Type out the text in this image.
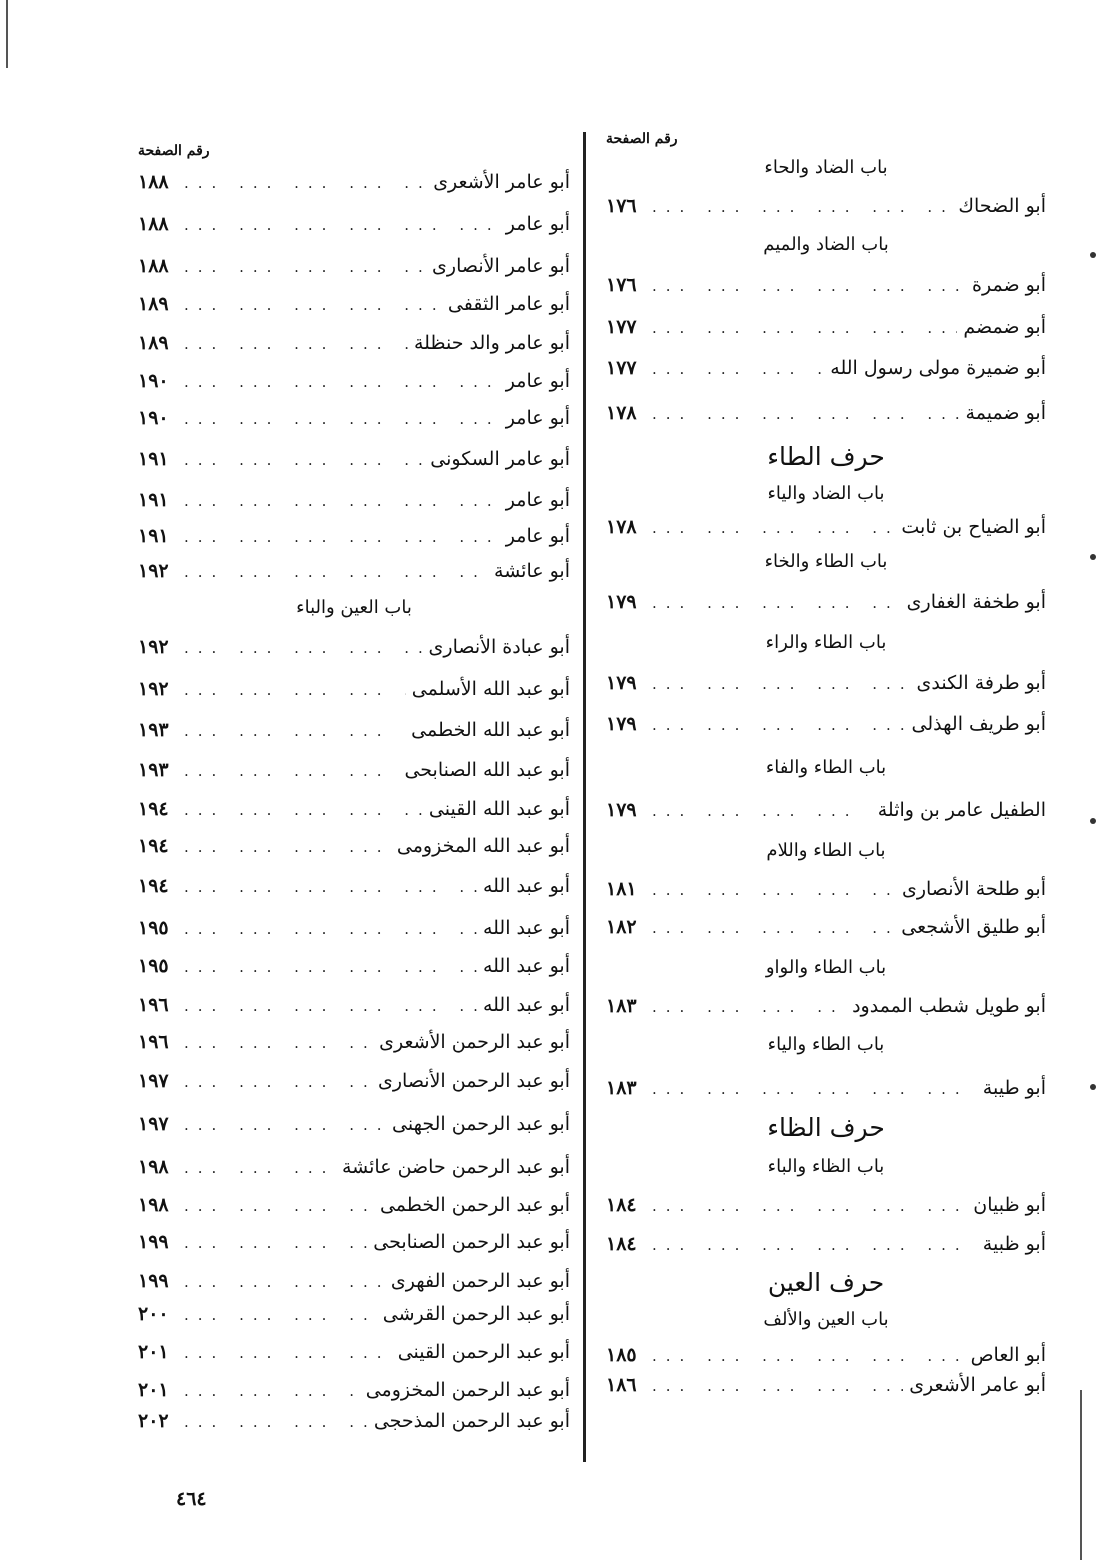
رقم الصفحة
باب الضاد والحاء
أبو الضحاك
... .
١٧٦
باب الضاد والميم
أبو ضمرة
... .
١٧٦
أبو ضمضم
... .
١٧٧
أبو ضميرة مولى رسول الله
... .
١٧٧
أبو ضميمة
... .
١٧٨
حرف الطاء
باب الضاد والياء
أبو الضياح بن ثابت
... .
١٧٨
باب الطاء والخاء
أبو طخفة الغفارى
... .
١٧٩
باب الطاء والراء
أبو طرفة الكندى
... .
١٧٩
أبو طريف الهذلى
... .
١٧٩
باب الطاء والفاء
الطفيل عامر بن واثلة
... .
١٧٩
باب الطاء واللام
أبو طلحة الأنصارى
... .
١٨١
أبو طليق الأشجعى
... .
١٨٢
باب الطاء والواو
أبو طويل شطب الممدود
... .
١٨٣
باب الطاء والياء
أبو طيبة
... .
١٨٣
حرف الظاء
باب الظاء والباء
أبو ظبيان
... .
١٨٤
أبو ظبية
... .
١٨٤
حرف العين
باب العين والألف
أبو العاص
... .
١٨٥
أبو عامر الأشعرى
... .
١٨٦
رقم الصفحة
أبو عامر الأشعرى
... .
١٨٨
أبو عامر
... .
١٨٨
أبو عامر الأنصارى
... .
١٨٨
أبو عامر الثقفى
... .
١٨٩
أبو عامر والد حنظلة
... .
١٨٩
أبو عامر
... .
١٩٠
أبو عامر
... .
١٩٠
أبو عامر السكونى
... .
١٩١
أبو عامر
... .
١٩١
أبو عامر
... .
١٩١
أبو عائشة
... .
١٩٢
باب العين والباء
أبو عبادة الأنصارى
... .
١٩٢
أبو عبد الله الأسلمى
... .
١٩٢
أبو عبد الله الخطمى
... .
١٩٣
أبو عبد الله الصنابحى
... .
١٩٣
أبو عبد الله القينى
... .
١٩٤
أبو عبد الله المخزومى
... .
١٩٤
أبو عبد الله
... .
١٩٤
أبو عبد الله
... .
١٩٥
أبو عبد الله
... .
١٩٥
أبو عبد الله
... .
١٩٦
أبو عبد الرحمن الأشعرى
... .
١٩٦
أبو عبد الرحمن الأنصارى
... .
١٩٧
أبو عبد الرحمن الجهنى
... .
١٩٧
أبو عبد الرحمن حاضن عائشة
... .
١٩٨
أبو عبد الرحمن الخطمى
... .
١٩٨
أبو عبد الرحمن الصنابحى
... .
١٩٩
أبو عبد الرحمن الفهرى
... .
١٩٩
أبو عبد الرحمن القرشى
... .
٢٠٠
أبو عبد الرحمن القينى
... .
٢٠١
أبو عبد الرحمن المخزومى
... .
٢٠١
أبو عبد الرحمن المذحجى
... .
٢٠٢
٤٦٤
